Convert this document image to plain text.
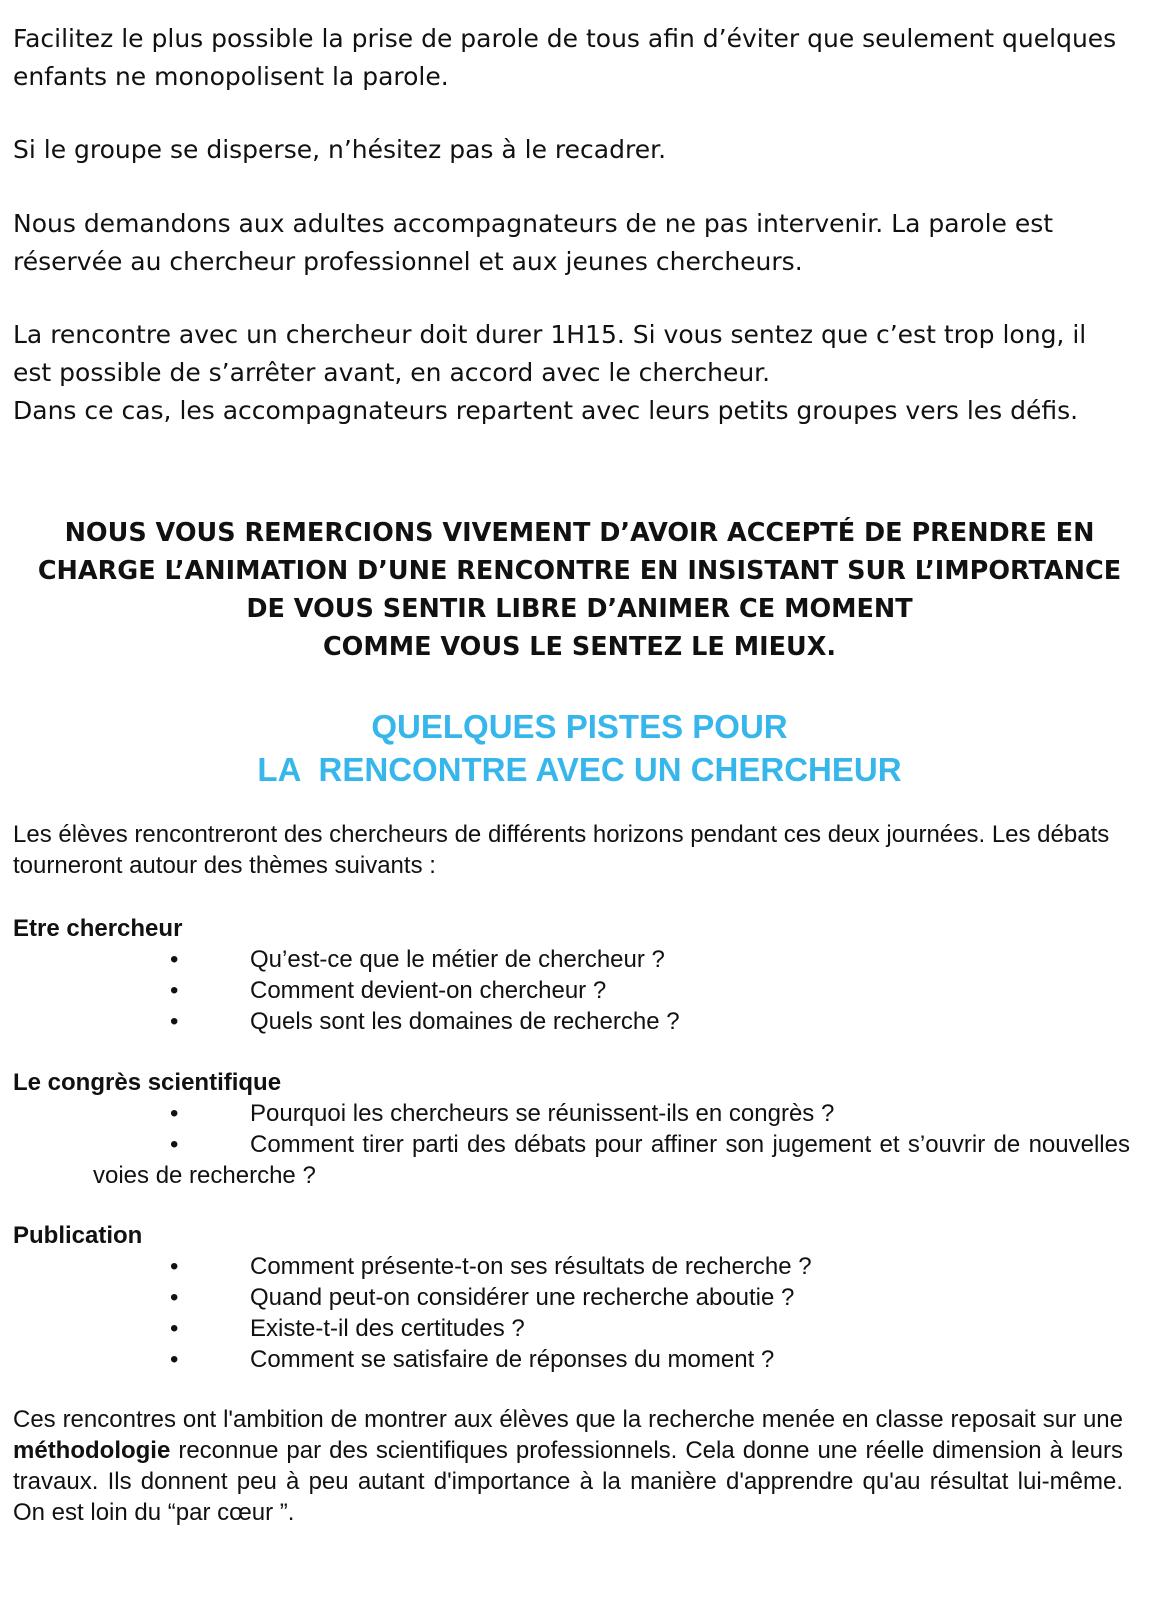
Facilitez le plus possible la prise de parole de tous afin d’éviter que seulement quelques enfants ne monopolisent la parole.

Si le groupe se disperse, n’hésitez pas à le recadrer.

Nous demandons aux adultes accompagnateurs de ne pas intervenir. La parole est réservée au chercheur professionnel et aux jeunes chercheurs.

La rencontre avec un chercheur doit durer 1H15. Si vous sentez que c’est trop long, il est possible de s’arrêter avant, en accord avec le chercheur.
Dans ce cas, les accompagnateurs repartent avec leurs petits groupes vers les défis.

NOUS VOUS REMERCIONS VIVEMENT D’AVOIR ACCEPTÉ DE PRENDRE EN CHARGE L’ANIMATION D’UNE RENCONTRE EN INSISTANT SUR L’IMPORTANCE DE VOUS SENTIR LIBRE D’ANIMER CE MOMENT
COMME VOUS LE SENTEZ LE MIEUX.

QUELQUES PISTES POUR
LA  RENCONTRE AVEC UN CHERCHEUR

Les élèves rencontreront des chercheurs de différents horizons pendant ces deux journées. Les débats tourneront autour des thèmes suivants :

Etre chercheur

•	Qu’est-ce que le métier de chercheur ?
•	Comment devient-on chercheur ?
•	Quels sont les domaines de recherche ?

Le congrès scientifique

•	Pourquoi les chercheurs se réunissent-ils en congrès ?
•	Comment tirer parti des débats pour affiner son jugement et s’ouvrir de nouvelles voies de recherche ?

Publication

•	Comment présente-t-on ses résultats de recherche ?
•	Quand peut-on considérer une recherche aboutie ?
•	Existe-t-il des certitudes ?
•	Comment se satisfaire de réponses du moment ?

Ces rencontres ont l'ambition de montrer aux élèves que la recherche menée en classe reposait sur une méthodologie reconnue par des scientifiques professionnels. Cela donne une réelle dimension à leurs travaux. Ils donnent peu à peu autant d'importance à la manière d'apprendre qu'au résultat lui-même. On est loin du “par cœur ”.
